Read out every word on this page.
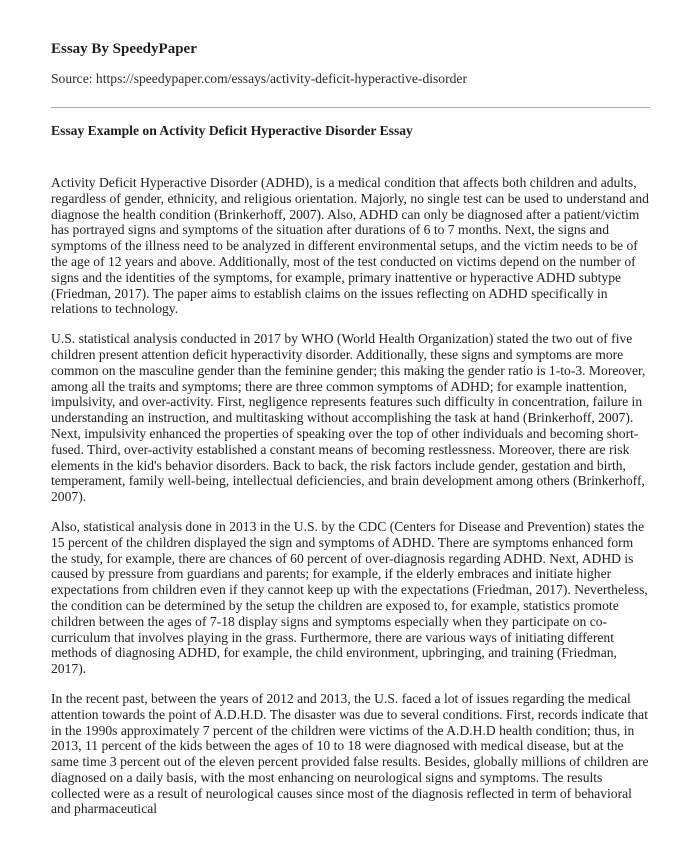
Essay By SpeedyPaper
Source: https://speedypaper.com/essays/activity-deficit-hyperactive-disorder
Essay Example on Activity Deficit Hyperactive Disorder Essay

Activity Deficit Hyperactive Disorder (ADHD), is a medical condition that affects both children and adults, regardless of gender, ethnicity, and religious orientation. Majorly, no single test can be used to understand and diagnose the health condition (Brinkerhoff, 2007). Also, ADHD can only be diagnosed after a patient/victim has portrayed signs and symptoms of the situation after durations of 6 to 7 months. Next, the signs and symptoms of the illness need to be analyzed in different environmental setups, and the victim needs to be of the age of 12 years and above. Additionally, most of the test conducted on victims depend on the number of signs and the identities of the symptoms, for example, primary inattentive or hyperactive ADHD subtype (Friedman, 2017). The paper aims to establish claims on the issues reflecting on ADHD specifically in relations to technology.

U.S. statistical analysis conducted in 2017 by WHO (World Health Organization) stated the two out of five children present attention deficit hyperactivity disorder. Additionally, these signs and symptoms are more common on the masculine gender than the feminine gender; this making the gender ratio is 1-to-3. Moreover, among all the traits and symptoms; there are three common symptoms of ADHD; for example inattention, impulsivity, and over-activity. First, negligence represents features such difficulty in concentration, failure in understanding an instruction, and multitasking without accomplishing the task at hand (Brinkerhoff, 2007). Next, impulsivity enhanced the properties of speaking over the top of other individuals and becoming short-fused. Third, over-activity established a constant means of becoming restlessness. Moreover, there are risk elements in the kid's behavior disorders. Back to back, the risk factors include gender, gestation and birth, temperament, family well-being, intellectual deficiencies, and brain development among others (Brinkerhoff, 2007).

Also, statistical analysis done in 2013 in the U.S. by the CDC (Centers for Disease and Prevention) states the 15 percent of the children displayed the sign and symptoms of ADHD. There are symptoms enhanced form the study, for example, there are chances of 60 percent of over-diagnosis regarding ADHD. Next, ADHD is caused by pressure from guardians and parents; for example, if the elderly embraces and initiate higher expectations from children even if they cannot keep up with the expectations (Friedman, 2017). Nevertheless, the condition can be determined by the setup the children are exposed to, for example, statistics promote children between the ages of 7-18 display signs and symptoms especially when they participate on co-curriculum that involves playing in the grass. Furthermore, there are various ways of initiating different methods of diagnosing ADHD, for example, the child environment, upbringing, and training (Friedman, 2017).

In the recent past, between the years of 2012 and 2013, the U.S. faced a lot of issues regarding the medical attention towards the point of A.D.H.D. The disaster was due to several conditions. First, records indicate that in the 1990s approximately 7 percent of the children were victims of the A.D.H.D health condition; thus, in 2013, 11 percent of the kids between the ages of 10 to 18 were diagnosed with medical disease, but at the same time 3 percent out of the eleven percent provided false results. Besides, globally millions of children are diagnosed on a daily basis, with the most enhancing on neurological signs and symptoms. The results collected were as a result of neurological causes since most of the diagnosis reflected in term of behavioral and pharmaceutical
